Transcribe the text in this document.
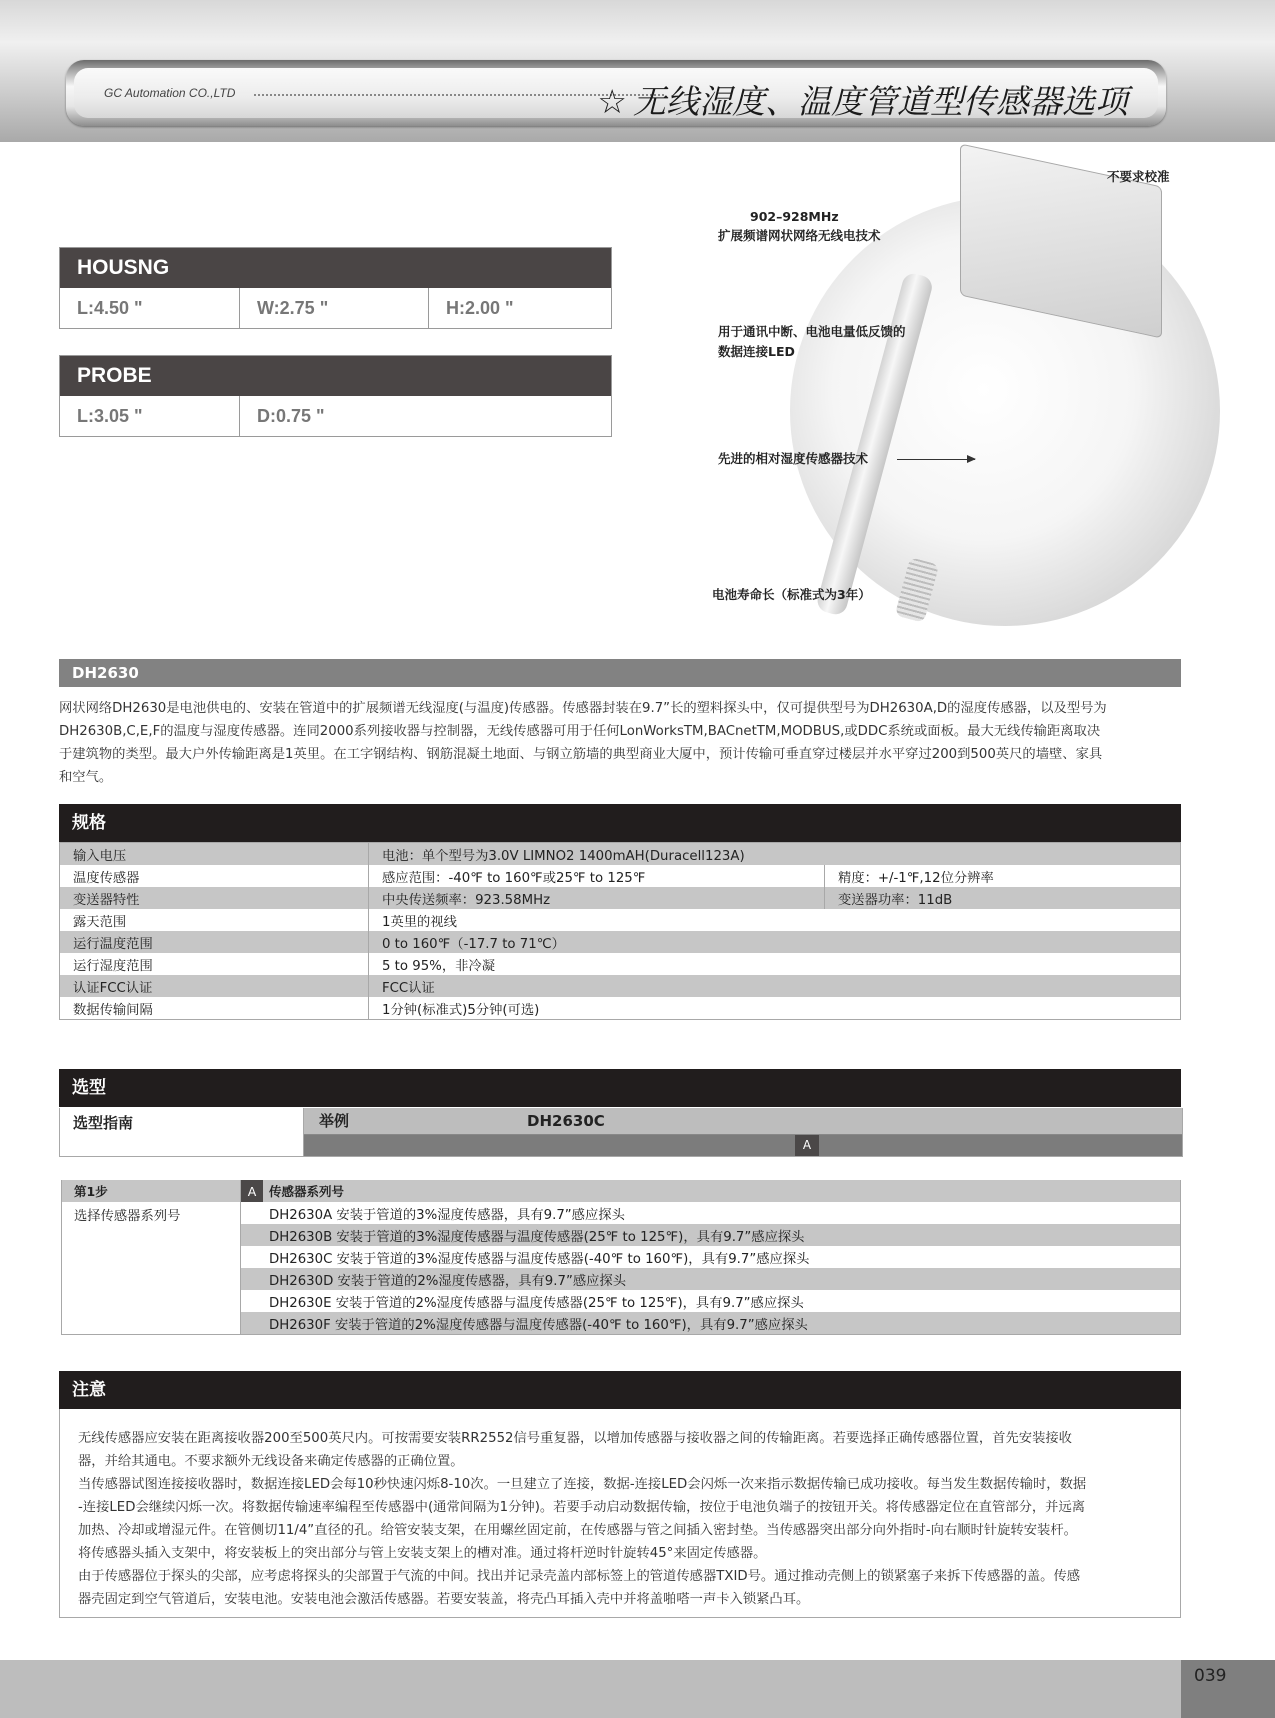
GC Automation CO.,LTD	☆ 无线湿度、温度管道型传感器选项
HOUSNG
L:4.50 "	W:2.75 "	H:2.00 "
PROBE
L:3.05 "	D:0.75 "
不要求校准
902–928MHz
扩展频谱网状网络无线电技术
用于通讯中断、电池电量低反馈的
数据连接LED
先进的相对湿度传感器技术
电池寿命长（标准式为3年）
DH2630
网状网络DH2630是电池供电的、安装在管道中的扩展频谱无线湿度(与温度)传感器。传感器封装在9.7”长的塑料探头中，仅可提供型号为DH2630A,D的湿度传感器，以及型号为
DH2630B,C,E,F的温度与湿度传感器。连同2000系列接收器与控制器，无线传感器可用于任何LonWorksTM,BACnetTM,MODBUS,或DDC系统或面板。最大无线传输距离取决
于建筑物的类型。最大户外传输距离是1英里。在工字钢结构、钢筋混凝土地面、与钢立筋墙的典型商业大厦中，预计传输可垂直穿过楼层并水平穿过200到500英尺的墙壁、家具
和空气。
规格
输入电压	电池：单个型号为3.0V LIMNO2 1400mAH(Duracell123A)	
温度传感器	感应范围：-40℉ to 160℉或25℉ to 125℉	精度：+/-1℉,12位分辨率
变送器特性	中央传送频率：923.58MHz	变送器功率：11dB
露天范围	1英里的视线	
运行温度范围	0 to 160℉（-17.7 to 71℃）	
运行湿度范围	5 to 95%，非冷凝	
认证FCC认证	FCC认证	
数据传输间隔	1分钟(标准式)5分钟(可选)	
选型
选型指南	举例	DH2630C
A
第1步	A	传感器系列号
选择传感器系列号		DH2630A 安装于管道的3%湿度传感器，具有9.7”感应探头
		DH2630B 安装于管道的3%湿度传感器与温度传感器(25℉ to 125℉)，具有9.7”感应探头
		DH2630C 安装于管道的3%湿度传感器与温度传感器(-40℉ to 160℉)，具有9.7”感应探头
		DH2630D 安装于管道的2%湿度传感器，具有9.7”感应探头
		DH2630E 安装于管道的2%湿度传感器与温度传感器(25℉ to 125℉)，具有9.7”感应探头
		DH2630F 安装于管道的2%湿度传感器与温度传感器(-40℉ to 160℉)，具有9.7”感应探头
注意

无线传感器应安装在距离接收器200至500英尺内。可按需要安装RR2552信号重复器，以增加传感器与接收器之间的传输距离。若要选择正确传感器位置，首先安装接收

器，并给其通电。不要求额外无线设备来确定传感器的正确位置。

当传感器试图连接接收器时，数据连接LED会每10秒快速闪烁8-10次。一旦建立了连接，数据-连接LED会闪烁一次来指示数据传输已成功接收。每当发生数据传输时，数据

-连接LED会继续闪烁一次。将数据传输速率编程至传感器中(通常间隔为1分钟)。若要手动启动数据传输，按位于电池负端子的按钮开关。将传感器定位在直管部分，并远离

加热、冷却或增湿元件。在管侧切11/4”直径的孔。给管安装支架，在用螺丝固定前，在传感器与管之间插入密封垫。当传感器突出部分向外指时-向右顺时针旋转安装杆。

将传感器头插入支架中，将安装板上的突出部分与管上安装支架上的槽对准。通过将杆逆时针旋转45°来固定传感器。

由于传感器位于探头的尖部，应考虑将探头的尖部置于气流的中间。找出并记录壳盖内部标签上的管道传感器TXID号。通过推动壳侧上的锁紧塞子来拆下传感器的盖。传感

器壳固定到空气管道后，安装电池。安装电池会激活传感器。若要安装盖，将壳凸耳插入壳中并将盖啪嗒一声卡入锁紧凸耳。

039
